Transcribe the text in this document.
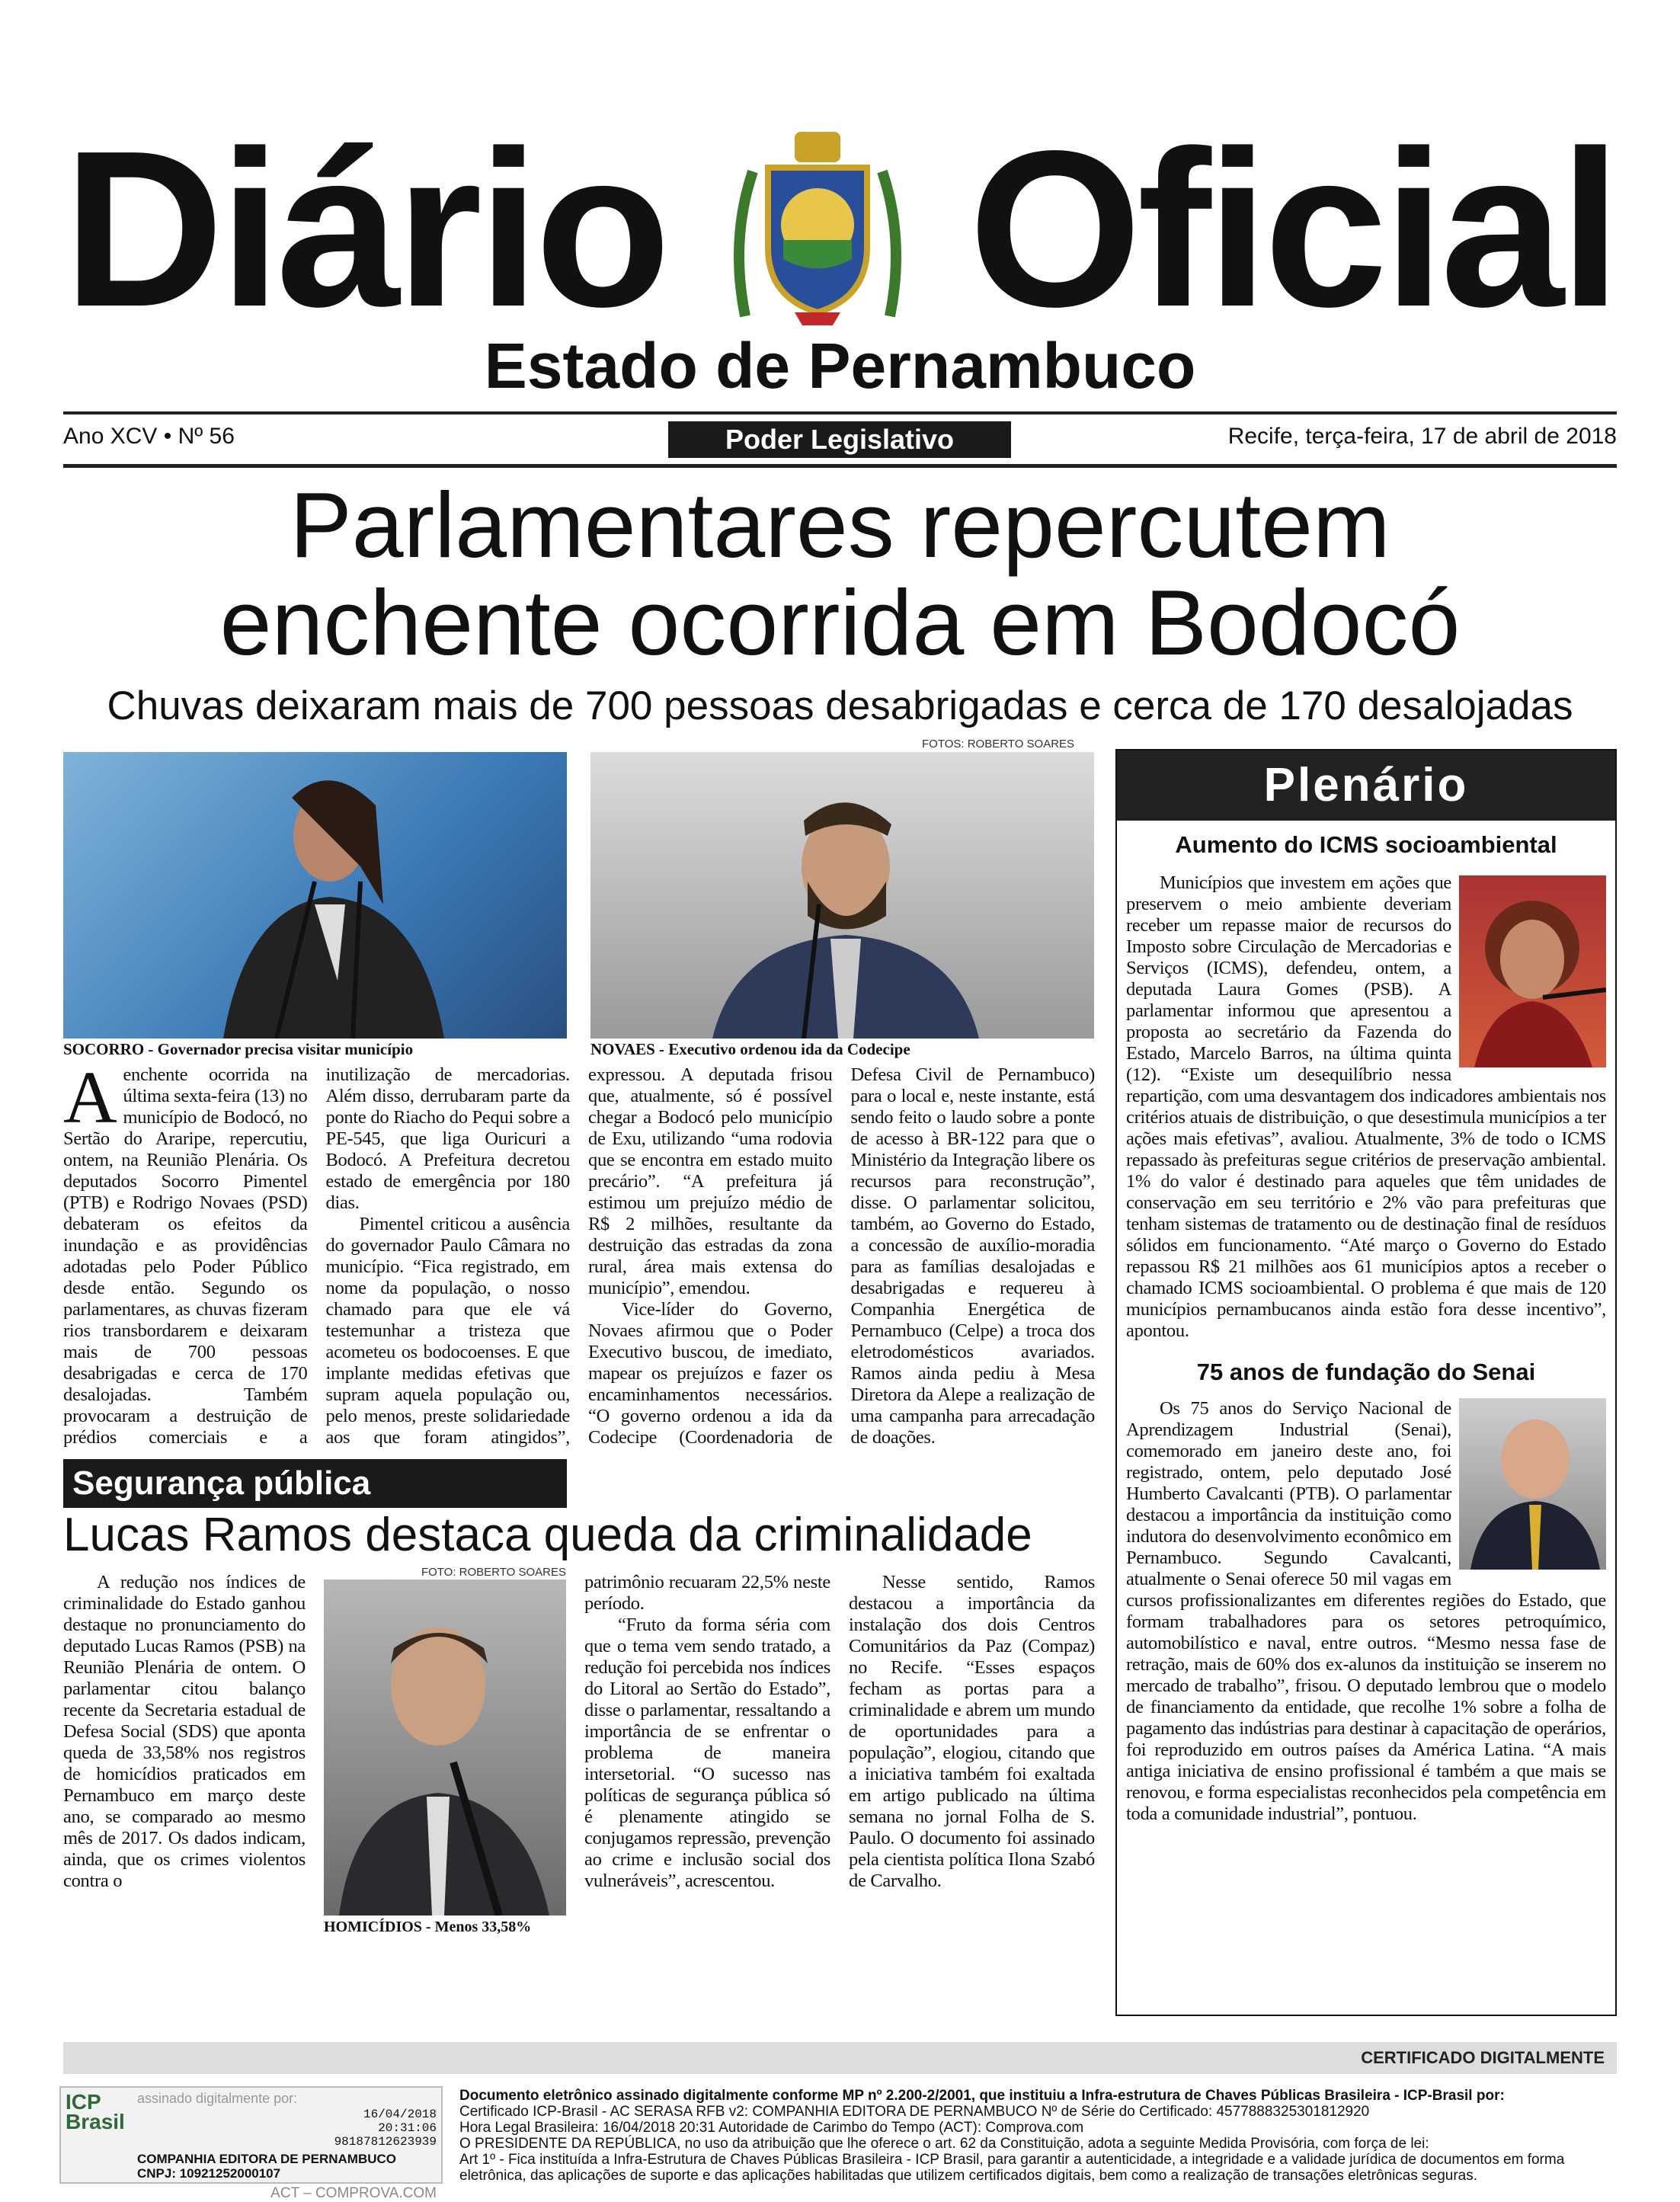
Diário Oficial
Estado de Pernambuco
Ano XCV • Nº 56	Poder Legislativo	Recife, terça-feira, 17 de abril de 2018
Parlamentares repercutem
enchente ocorrida em Bodocó
Chuvas deixaram mais de 700 pessoas desabrigadas e cerca de 170 desalojadas
FOTOS: ROBERTO SOARES
SOCORRO - Governador precisa visitar município	NOVAES - Executivo ordenou ida da Codecipe

Aenchente ocorrida na última sexta-feira (13) no município de Bodocó, no Sertão do Araripe, repercutiu, ontem, na Reunião Plenária. Os deputados Socorro Pimentel (PTB) e Rodrigo Novaes (PSD) debateram os efeitos da inundação e as providências adotadas pelo Poder Público desde então. Segundo os parlamentares, as chuvas fizeram rios transbordarem e deixaram mais de 700 pessoas desabrigadas e cerca de 170 desalojadas. Também provocaram a destruição de prédios comerciais e a inutilização de mercadorias. Além disso, derrubaram parte da ponte do Riacho do Pequi sobre a PE-545, que liga Ouricuri a Bodocó. A Prefeitura decretou estado de emergência por 180 dias.

Pimentel criticou a ausência do governador Paulo Câmara no município. “Fica registrado, em nome da população, o nosso chamado para que ele vá testemunhar a tristeza que acometeu os bodocoenses. E que implante medidas efetivas que supram aquela população ou, pelo menos, preste solidariedade aos que foram atingidos”, expressou. A deputada frisou que, atualmente, só é possível chegar a Bodocó pelo município de Exu, utilizando “uma rodovia que se encontra em estado muito precário”. “A prefeitura já estimou um prejuízo médio de R$ 2 milhões, resultante da destruição das estradas da zona rural, área mais extensa do município”, emendou.

Vice-líder do Governo, Novaes afirmou que o Poder Executivo buscou, de imediato, mapear os prejuízos e fazer os encaminhamentos necessários. “O governo ordenou a ida da Codecipe (Coordenadoria de Defesa Civil de Pernambuco) para o local e, neste instante, está sendo feito o laudo sobre a ponte de acesso à BR-122 para que o Ministério da Integração libere os recursos para reconstrução”, disse. O parlamentar solicitou, também, ao Governo do Estado, a concessão de auxílio-moradia para as famílias desalojadas e desabrigadas e requereu à Companhia Energética de Pernambuco (Celpe) a troca dos eletrodomésticos avariados. Ramos ainda pediu à Mesa Diretora da Alepe a realização de uma campanha para arrecadação de doações.

Segurança pública
Lucas Ramos destaca queda da criminalidade
A redução nos índices de criminalidade do Estado ganhou destaque no pronunciamento do deputado Lucas Ramos (PSB) na Reunião Plenária de ontem. O parlamentar citou balanço recente da Secretaria estadual de Defesa Social (SDS) que aponta queda de 33,58% nos registros de homicídios praticados em Pernambuco em março deste ano, se comparado ao mesmo mês de 2017. Os dados indicam, ainda, que os crimes violentos contra o
FOTO: ROBERTO SOARES
HOMICÍDIOS - Menos 33,58%
patrimônio recuaram 22,5% neste período.

“Fruto da forma séria com que o tema vem sendo tratado, a redução foi percebida nos índices do Litoral ao Sertão do Estado”, disse o parlamentar, ressaltando a importância de se enfrentar o problema de maneira intersetorial. “O sucesso nas políticas de segurança pública só é plenamente atingido se conjugamos repressão, prevenção ao crime e inclusão social dos vulneráveis”, acrescentou.

Nesse sentido, Ramos destacou a importância da instalação dos dois Centros Comunitários da Paz (Compaz) no Recife. “Esses espaços fecham as portas para a criminalidade e abrem um mundo de oportunidades para a população”, elogiou, citando que a iniciativa também foi exaltada em artigo publicado na última semana no jornal Folha de S. Paulo. O documento foi assinado pela cientista política Ilona Szabó de Carvalho.

Plenário
Aumento do ICMS socioambiental
Municípios que investem em ações que preservem o meio ambiente deveriam receber um repasse maior de recursos do Imposto sobre Circulação de Mercadorias e Serviços (ICMS), defendeu, ontem, a deputada Laura Gomes (PSB). A parlamentar informou que apresentou a proposta ao secretário da Fazenda do Estado, Marcelo Barros, na última quinta (12). “Existe um desequilíbrio nessa repartição, com uma desvantagem dos indicadores ambientais nos critérios atuais de distribuição, o que desestimula municípios a ter ações mais efetivas”, avaliou. Atualmente, 3% de todo o ICMS repassado às prefeituras segue critérios de preservação ambiental. 1% do valor é destinado para aqueles que têm unidades de conservação em seu território e 2% vão para prefeituras que tenham sistemas de tratamento ou de destinação final de resíduos sólidos em funcionamento. “Até março o Governo do Estado repassou R$ 21 milhões aos 61 municípios aptos a receber o chamado ICMS socioambiental. O problema é que mais de 120 municípios pernambucanos ainda estão fora desse incentivo”, apontou.
75 anos de fundação do Senai
Os 75 anos do Serviço Nacional de Aprendizagem Industrial (Senai), comemorado em janeiro deste ano, foi registrado, ontem, pelo deputado José Humberto Cavalcanti (PTB). O parlamentar destacou a importância da instituição como indutora do desenvolvimento econômico em Pernambuco. Segundo Cavalcanti, atualmente o Senai oferece 50 mil vagas em cursos profissionalizantes em diferentes regiões do Estado, que formam trabalhadores para os setores petroquímico, automobilístico e naval, entre outros. “Mesmo nessa fase de retração, mais de 60% dos ex-alunos da instituição se inserem no mercado de trabalho”, frisou. O deputado lembrou que o modelo de financiamento da entidade, que recolhe 1% sobre a folha de pagamento das indústrias para destinar à capacitação de operários, foi reproduzido em outros países da América Latina. “A mais antiga iniciativa de ensino profissional é também a que mais se renovou, e forma especialistas reconhecidos pela competência em toda a comunidade industrial”, pontuou.
CERTIFICADO DIGITALMENTE
ICP Brasil
assinado digitalmente por:
16/04/2018
20:31:06
98187812623939
COMPANHIA EDITORA DE PERNAMBUCO
CNPJ: 10921252000107
ACT – COMPROVA.COM
Documento eletrônico assinado digitalmente conforme MP nº 2.200-2/2001, que instituiu a Infra-estrutura de Chaves Públicas Brasileira - ICP-Brasil por:
Certificado ICP-Brasil - AC SERASA RFB v2: COMPANHIA EDITORA DE PERNAMBUCO Nº de Série do Certificado: 4577888325301812920
Hora Legal Brasileira: 16/04/2018 20:31 Autoridade de Carimbo do Tempo (ACT): Comprova.com
O PRESIDENTE DA REPÚBLICA, no uso da atribuição que lhe oferece o art. 62 da Constituição, adota a seguinte Medida Provisória, com força de lei:
Art 1º - Fica instituída a Infra-Estrutura de Chaves Públicas Brasileira - ICP Brasil, para garantir a autenticidade, a integridade e a validade jurídica de documentos em forma eletrônica, das aplicações de suporte e das aplicações habilitadas que utilizem certificados digitais, bem como a realização de transações eletrônicas seguras.
